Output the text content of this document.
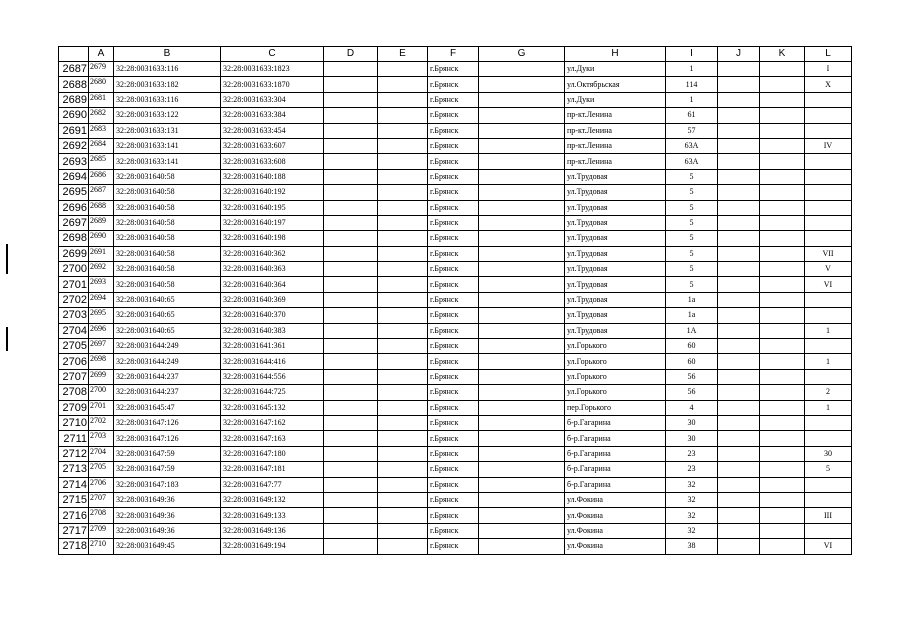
	A	B	C	D	E	F	G	H	I	J	K	L
2687	2679	32:28:0031633:116	32:28:0031633:1823			г.Брянск		ул.Дуки	1			I
2688	2680	32:28:0031633:182	32:28:0031633:1870			г.Брянск		ул.Октябрьская	114			X
2689	2681	32:28:0031633:116	32:28:0031633:304			г.Брянск		ул.Дуки	1			
2690	2682	32:28:0031633:122	32:28:0031633:384			г.Брянск		пр-кт.Ленина	61			
2691	2683	32:28:0031633:131	32:28:0031633:454			г.Брянск		пр-кт.Ленина	57			
2692	2684	32:28:0031633:141	32:28:0031633:607			г.Брянск		пр-кт.Ленина	63А			IV
2693	2685	32:28:0031633:141	32:28:0031633:608			г.Брянск		пр-кт.Ленина	63А			
2694	2686	32:28:0031640:58	32:28:0031640:188			г.Брянск		ул.Трудовая	5			
2695	2687	32:28:0031640:58	32:28:0031640:192			г.Брянск		ул.Трудовая	5			
2696	2688	32:28:0031640:58	32:28:0031640:195			г.Брянск		ул.Трудовая	5			
2697	2689	32:28:0031640:58	32:28:0031640:197			г.Брянск		ул.Трудовая	5			
2698	2690	32:28:0031640:58	32:28:0031640:198			г.Брянск		ул.Трудовая	5			
2699	2691	32:28:0031640:58	32:28:0031640:362			г.Брянск		ул.Трудовая	5			VII
2700	2692	32:28:0031640:58	32:28:0031640:363			г.Брянск		ул.Трудовая	5			V
2701	2693	32:28:0031640:58	32:28:0031640:364			г.Брянск		ул.Трудовая	5			VI
2702	2694	32:28:0031640:65	32:28:0031640:369			г.Брянск		ул.Трудовая	1а			
2703	2695	32:28:0031640:65	32:28:0031640:370			г.Брянск		ул.Трудовая	1а			
2704	2696	32:28:0031640:65	32:28:0031640:383			г.Брянск		ул.Трудовая	1А			1
2705	2697	32:28:0031644:249	32:28:0031641:361			г.Брянск		ул.Горького	60			
2706	2698	32:28:0031644:249	32:28:0031644:416			г.Брянск		ул.Горького	60			1
2707	2699	32:28:0031644:237	32:28:0031644:556			г.Брянск		ул.Горького	56			
2708	2700	32:28:0031644:237	32:28:0031644:725			г.Брянск		ул.Горького	56			2
2709	2701	32:28:0031645:47	32:28:0031645:132			г.Брянск		пер.Горького	4			1
2710	2702	32:28:0031647:126	32:28:0031647:162			г.Брянск		б-р.Гагарина	30			
2711	2703	32:28:0031647:126	32:28:0031647:163			г.Брянск		б-р.Гагарина	30			
2712	2704	32:28:0031647:59	32:28:0031647:180			г.Брянск		б-р.Гагарина	23			30
2713	2705	32:28:0031647:59	32:28:0031647:181			г.Брянск		б-р.Гагарина	23			5
2714	2706	32:28:0031647:183	32:28:0031647:77			г.Брянск		б-р.Гагарина	32			
2715	2707	32:28:0031649:36	32:28:0031649:132			г.Брянск		ул.Фокина	32			
2716	2708	32:28:0031649:36	32:28:0031649:133			г.Брянск		ул.Фокина	32			III
2717	2709	32:28:0031649:36	32:28:0031649:136			г.Брянск		ул.Фокина	32			
2718	2710	32:28:0031649:45	32:28:0031649:194			г.Брянск		ул.Фокина	38			VI
